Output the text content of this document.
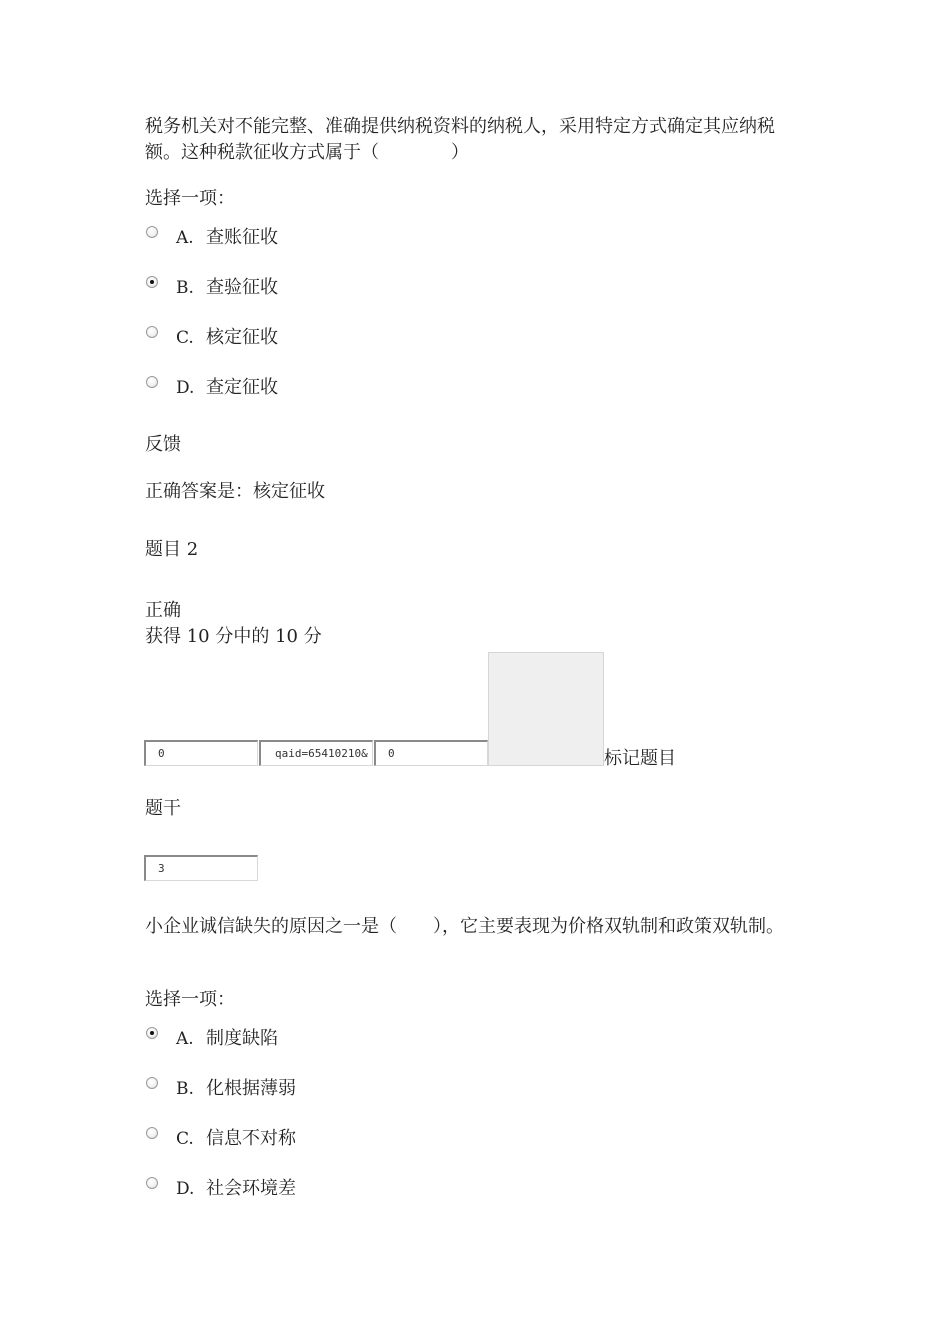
税务机关对不能完整、准确提供纳税资料的纳税人，采用特定方式确定其应纳税额。这种税款征收方式属于（　　　　）
选择一项：
A. 查账征收
B. 查验征收
C. 核定征收
D. 查定征收
反馈
正确答案是：核定征收
题目 2
正确
获得 10 分中的 10 分
0	qaid=65410210&	0	标记题目
题干
3
小企业诚信缺失的原因之一是（　　），它主要表现为价格双轨制和政策双轨制。
选择一项：
A. 制度缺陷
B. 化根据薄弱
C. 信息不对称
D. 社会环境差
